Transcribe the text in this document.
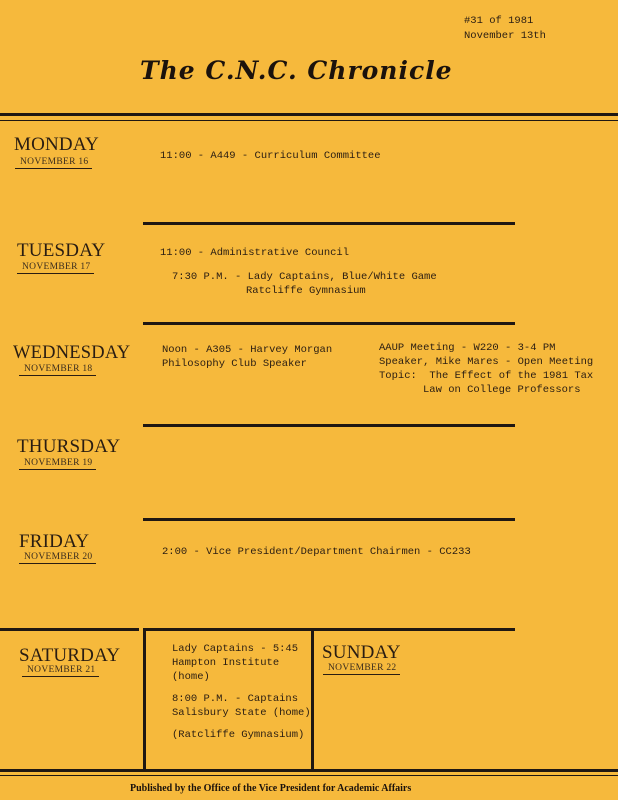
#31 of 1981
November 13th
The C.N.C. Chronicle
MONDAY
NOVEMBER 16	11:00 - A449 - Curriculum Committee
TUESDAY
NOVEMBER 17
11:00 - Administrative Council
7:30 P.M. - Lady Captains, Blue/White Game
Ratcliffe Gymnasium
WEDNESDAY
NOVEMBER 18
Noon - A305 - Harvey Morgan
Philosophy Club Speaker
AAUP Meeting - W220 - 3-4 PM
Speaker, Mike Mares - Open Meeting
Topic:  The Effect of the 1981 Tax
Law on College Professors
THURSDAY
NOVEMBER 19
FRIDAY
NOVEMBER 20	2:00 - Vice President/Department Chairmen - CC233
SATURDAY
NOVEMBER 21
Lady Captains - 5:45
Hampton Institute
(home)
8:00 P.M. - Captains
Salisbury State (home)
(Ratcliffe Gymnasium)
SUNDAY
NOVEMBER 22
Published by the Office of the Vice President for Academic Affairs
